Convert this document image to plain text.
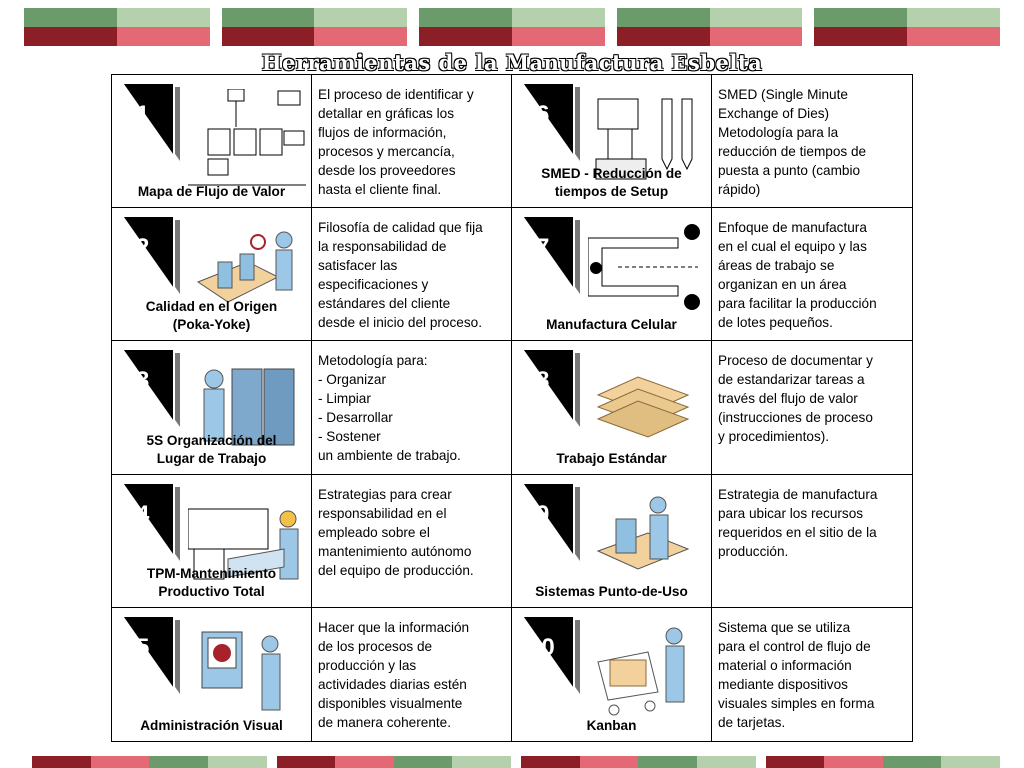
Herramientas de la Manufactura Esbelta
1
Mapa de Flujo de Valor
El proceso de identificar y
detallar en gráficas los
flujos de información,
procesos y mercancía,
desde los proveedores
hasta el cliente final.
6
SMED - Reducción de
tiempos de Setup
SMED (Single Minute
Exchange of Dies)
Metodología para la
reducción de tiempos de
puesta a punto (cambio
rápido)
2
Calidad en el Origen
(Poka-Yoke)
Filosofía de calidad que fija
la responsabilidad de
satisfacer las
especificaciones y
estándares del cliente
desde el inicio del proceso.
7
Manufactura Celular
Enfoque de manufactura
en el cual el equipo y las
áreas de trabajo se
organizan en un área
para facilitar la producción
de lotes pequeños.
3
5S Organización del
Lugar de Trabajo
Metodología para:
- Organizar
- Limpiar
- Desarrollar
- Sostener
un ambiente de trabajo.
8
Trabajo Estándar
Proceso de documentar y
de estandarizar tareas a
través del flujo de valor
(instrucciones de proceso
y procedimientos).
4
TPM-Mantenimiento
Productivo Total
Estrategias para crear
responsabilidad en el
empleado sobre el
mantenimiento autónomo
del equipo de producción.
9
Sistemas Punto-de-Uso
Estrategia de manufactura
para ubicar los recursos
requeridos en el sitio de la
producción.
5
Administración Visual
Hacer que la información
de los procesos de
producción y las
actividades diarias estén
disponibles visualmente
de manera coherente.
10
Kanban
Sistema que se utiliza
para el control de flujo de
material o información
mediante dispositivos
visuales simples en forma
de tarjetas.
